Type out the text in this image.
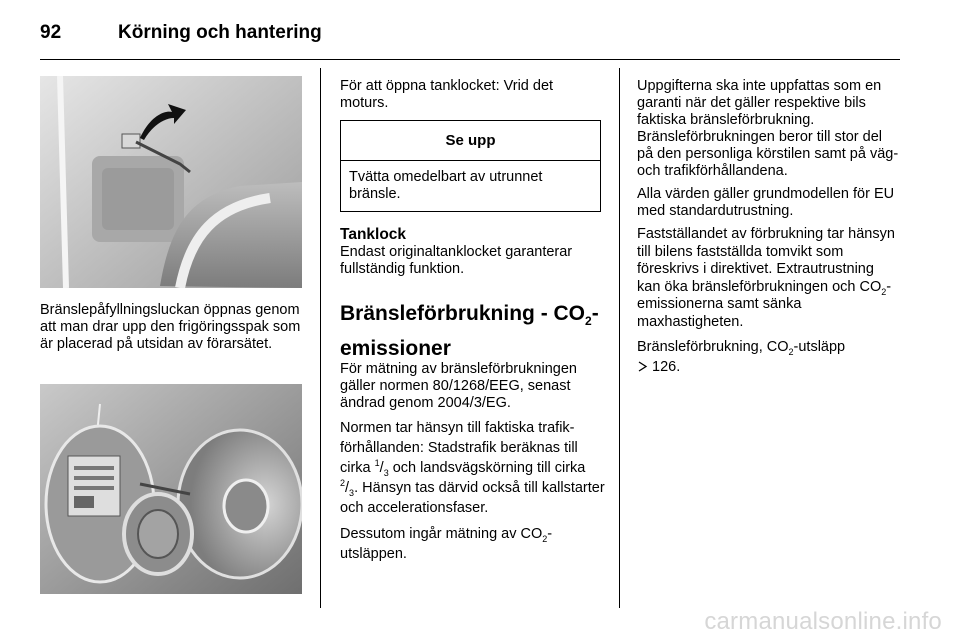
92	Körning och hantering

Bränslepåfyllningsluckan öppnas genom att man drar upp den frigöringsspak som är placerad på utsidan av förarsätet.

För att öppna tanklocket: Vrid det moturs.

Se upp
Tvätta omedelbart av utrunnet bränsle.
Tanklock

Endast originaltanklocket garanterar fullständig funktion.

Bränsleförbrukning - $CO_2$-emissioner

För mätning av bränsleförbrukningen gäller normen 80/1268/EEG, senast ändrad genom 2004/3/EG.

Normen tar hänsyn till faktiska trafikförhållanden: Stadstrafik beräknas till cirka $^1/_3$ och landsvägskörning till cirka $^2/_3$. Hänsyn tas därvid också till kallstarter och accelerationsfaser.

Dessutom ingår mätning av $CO_2$-utsläppen.

Uppgifterna ska inte uppfattas som en garanti när det gäller respektive bils faktiska bränsleförbrukning. Bränsleförbrukningen beror till stor del på den personliga körstilen samt på väg- och trafikförhållandena.

Alla värden gäller grundmodellen för EU med standardutrustning.

Fastställandet av förbrukning tar hänsyn till bilens fastställda tomvikt som föreskrivs i direktivet. Extrautrustning kan öka bränsleförbrukningen och $CO_2$-emissionerna samt sänka maxhastigheten.

Bränsleförbrukning, $CO_2$-utsläpp
126.

carmanualsonline.info
